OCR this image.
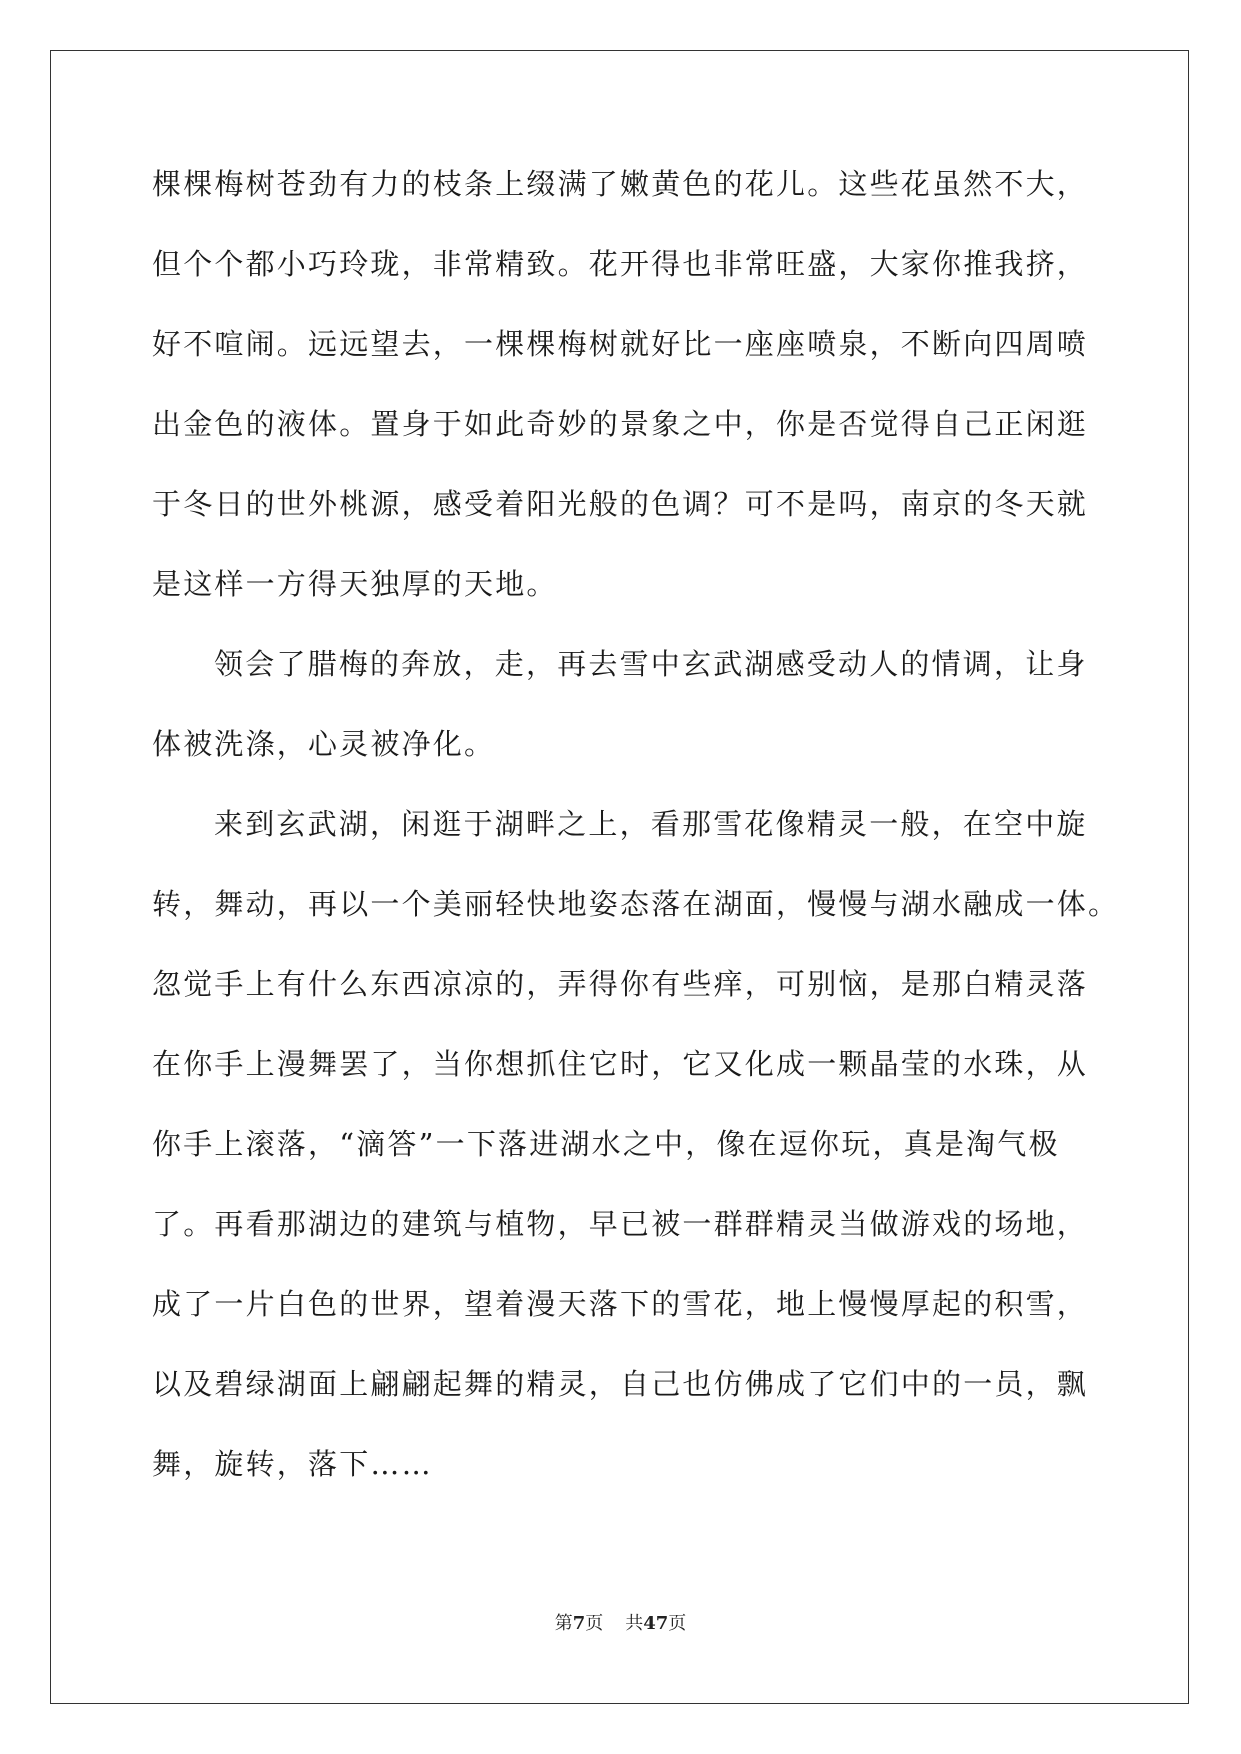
棵棵梅树苍劲有力的枝条上缀满了嫩黄色的花儿。这些花虽然不大，
但个个都小巧玲珑，非常精致。花开得也非常旺盛，大家你推我挤，
好不喧闹。远远望去，一棵棵梅树就好比一座座喷泉，不断向四周喷
出金色的液体。置身于如此奇妙的景象之中，你是否觉得自己正闲逛
于冬日的世外桃源，感受着阳光般的色调？可不是吗，南京的冬天就
是这样一方得天独厚的天地。
领会了腊梅的奔放，走，再去雪中玄武湖感受动人的情调，让身
体被洗涤，心灵被净化。
来到玄武湖，闲逛于湖畔之上，看那雪花像精灵一般，在空中旋
转，舞动，再以一个美丽轻快地姿态落在湖面，慢慢与湖水融成一体。
忽觉手上有什么东西凉凉的，弄得你有些痒，可别恼，是那白精灵落
在你手上漫舞罢了，当你想抓住它时，它又化成一颗晶莹的水珠，从
你手上滚落，“滴答”一下落进湖水之中，像在逗你玩，真是淘气极
了。再看那湖边的建筑与植物，早已被一群群精灵当做游戏的场地，
成了一片白色的世界，望着漫天落下的雪花，地上慢慢厚起的积雪，
以及碧绿湖面上翩翩起舞的精灵，自己也仿佛成了它们中的一员，飘
舞，旋转，落下……
第7页 共47页
